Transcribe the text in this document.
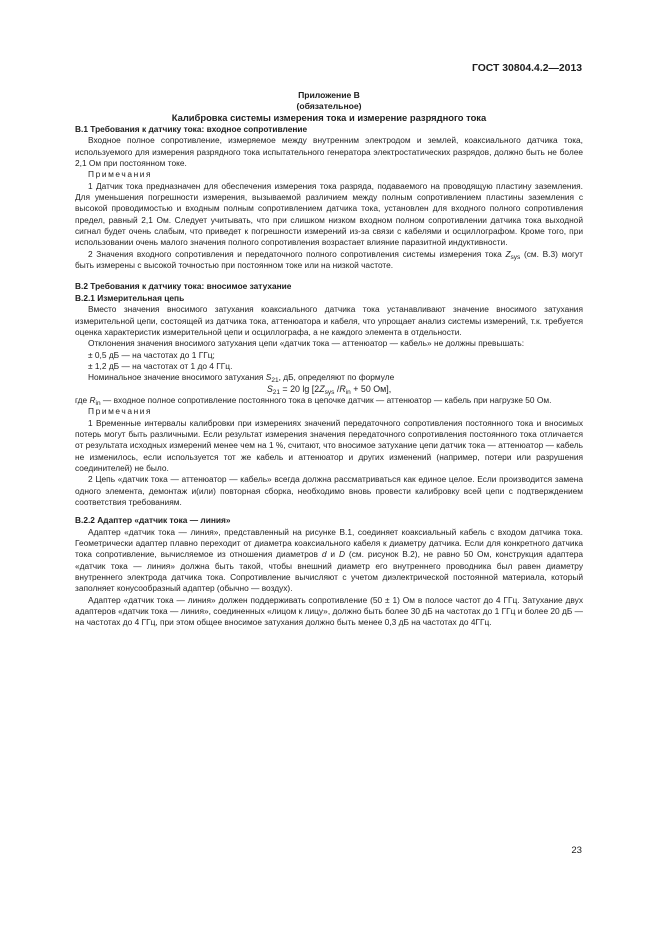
ГОСТ 30804.4.2—2013

Приложение В

(обязательное)

Калибровка системы измерения тока и измерение разрядного тока

В.1 Требования к датчику тока: входное сопротивление

Входное полное сопротивление, измеряемое между внутренним электродом и землей, коаксиального датчика тока, используемого для измерения разрядного тока испытательного генератора электростатических разрядов, должно быть не более 2,1 Ом при постоянном токе.

Примечания

1 Датчик тока предназначен для обеспечения измерения тока разряда, подаваемого на проводящую пластину заземления. Для уменьшения погрешности измерения, вызываемой различием между полным сопротивлением пластины заземления с высокой проводимостью и входным полным сопротивлением датчика тока, установлен для входного полного сопротивления предел, равный 2,1 Ом. Следует учитывать, что при слишком низком входном полном сопротивлении датчика тока выходной сигнал будет очень слабым, что приведет к погрешности измерений из-за связи с кабелями и осциллографом. Кроме того, при использовании очень малого значения полного сопротивления возрастает влияние паразитной индуктивности.

2 Значения входного сопротивления и передаточного полного сопротивления системы измерения тока $Z_{sys}$ (см. В.3) могут быть измерены с высокой точностью при постоянном токе или на низкой частоте.

В.2 Требования к датчику тока: вносимое затухание

В.2.1 Измерительная цепь

Вместо значения вносимого затухания коаксиального датчика тока устанавливают значение вносимого затухания измерительной цепи, состоящей из датчика тока, аттенюатора и кабеля, что упрощает анализ системы измерений, т.к. требуется оценка характеристик измерительной цепи и осциллографа, а не каждого элемента в отдельности.

Отклонения значения вносимого затухания цепи «датчик тока — аттенюатор — кабель» не должны превышать:

± 0,5 дБ — на частотах до 1 ГГц;

± 1,2 дБ — на частотах от 1 до 4 ГГц.

Номинальное значение вносимого затухания $S_{21}$, дБ, определяют по формуле

$S_{21} = 20$ $\lg [2Z_{sys}$ $/R_{in} + 50$ Ом],

где $R_{in}$ — входное полное сопротивление постоянного тока в цепочке датчик — аттенюатор — кабель при нагрузке 50 Ом.

Примечания

1 Временные интервалы калибровки при измерениях значений передаточного сопротивления постоянного тока и вносимых потерь могут быть различными. Если результат измерения значения передаточного сопротивления постоянного тока отличается от результата исходных измерений менее чем на 1 %, считают, что вносимое затухание цепи датчик тока — аттенюатор — кабель не изменилось, если используется тот же кабель и аттенюатор и других изменений (например, потери или разрушения соединителей) не было.

2 Цепь «датчик тока — аттенюатор — кабель» всегда должна рассматриваться как единое целое. Если производится замена одного элемента, демонтаж и(или) повторная сборка, необходимо вновь провести калибровку всей цепи с подтверждением соответствия требованиям.

В.2.2 Адаптер «датчик тока — линия»

Адаптер «датчик тока — линия», представленный на рисунке В.1, соединяет коаксиальный кабель с входом датчика тока. Геометрически адаптер плавно переходит от диаметра коаксиального кабеля к диаметру датчика. Если для конкретного датчика тока сопротивление, вычисляемое из отношения диаметров d и D (см. рисунок В.2), не равно 50 Ом, конструкция адаптера «датчик тока — линия» должна быть такой, чтобы внешний диаметр его внутреннего проводника был равен диаметру внутреннего электрода датчика тока. Сопротивление вычисляют с учетом диэлектрической постоянной материала, который заполняет конусообразный адаптер (обычно — воздух).

Адаптер «датчик тока — линия» должен поддерживать сопротивление (50 ± 1) Ом в полосе частот до 4 ГГц. Затухание двух адаптеров «датчик тока — линия», соединенных «лицом к лицу», должно быть более 30 дБ на частотах до 1 ГГц и более 20 дБ — на частотах до 4 ГГц, при этом общее вносимое затухания должно быть менее 0,3 дБ на частотах до 4ГГц.

23
